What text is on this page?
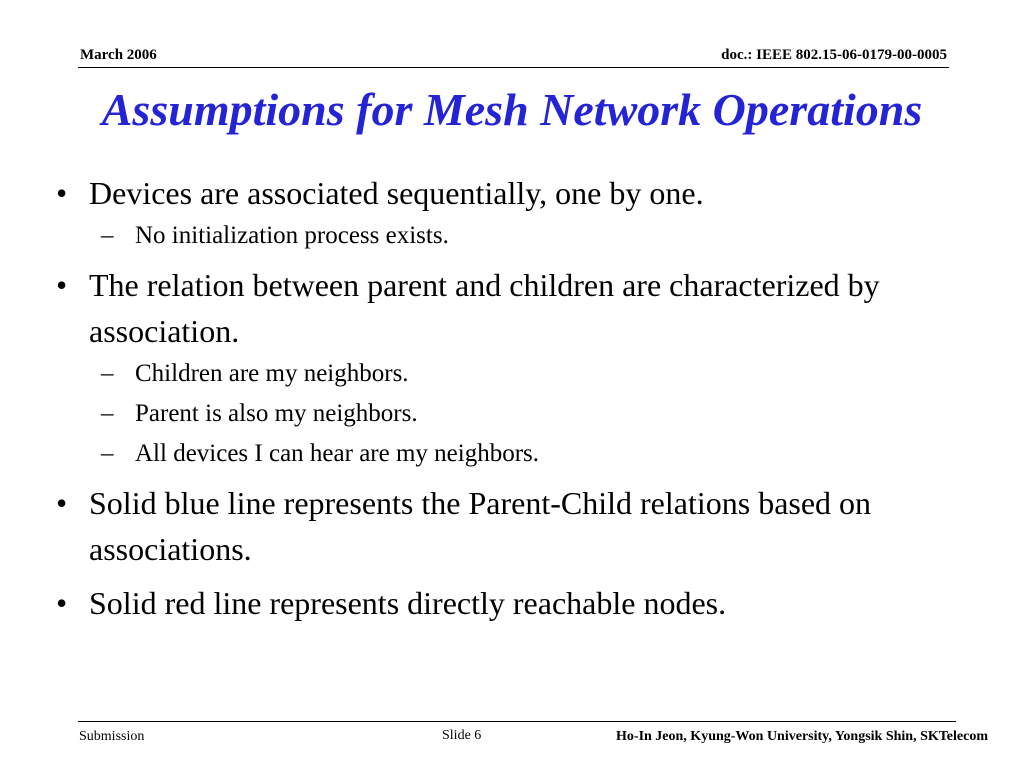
March 2006	doc.: IEEE 802.15-06-0179-00-0005
Assumptions for Mesh Network Operations
• Devices are associated sequentially, one by one.
– No initialization process exists.
• The relation between parent and children are characterized by association.
– Children are my neighbors.
– Parent is also my neighbors.
– All devices I can hear are my neighbors.
• Solid blue line represents the Parent-Child relations based on associations.
• Solid red line represents directly reachable nodes.
Submission	Slide 6	Ho-In Jeon, Kyung-Won University, Yongsik Shin, SKTelecom
